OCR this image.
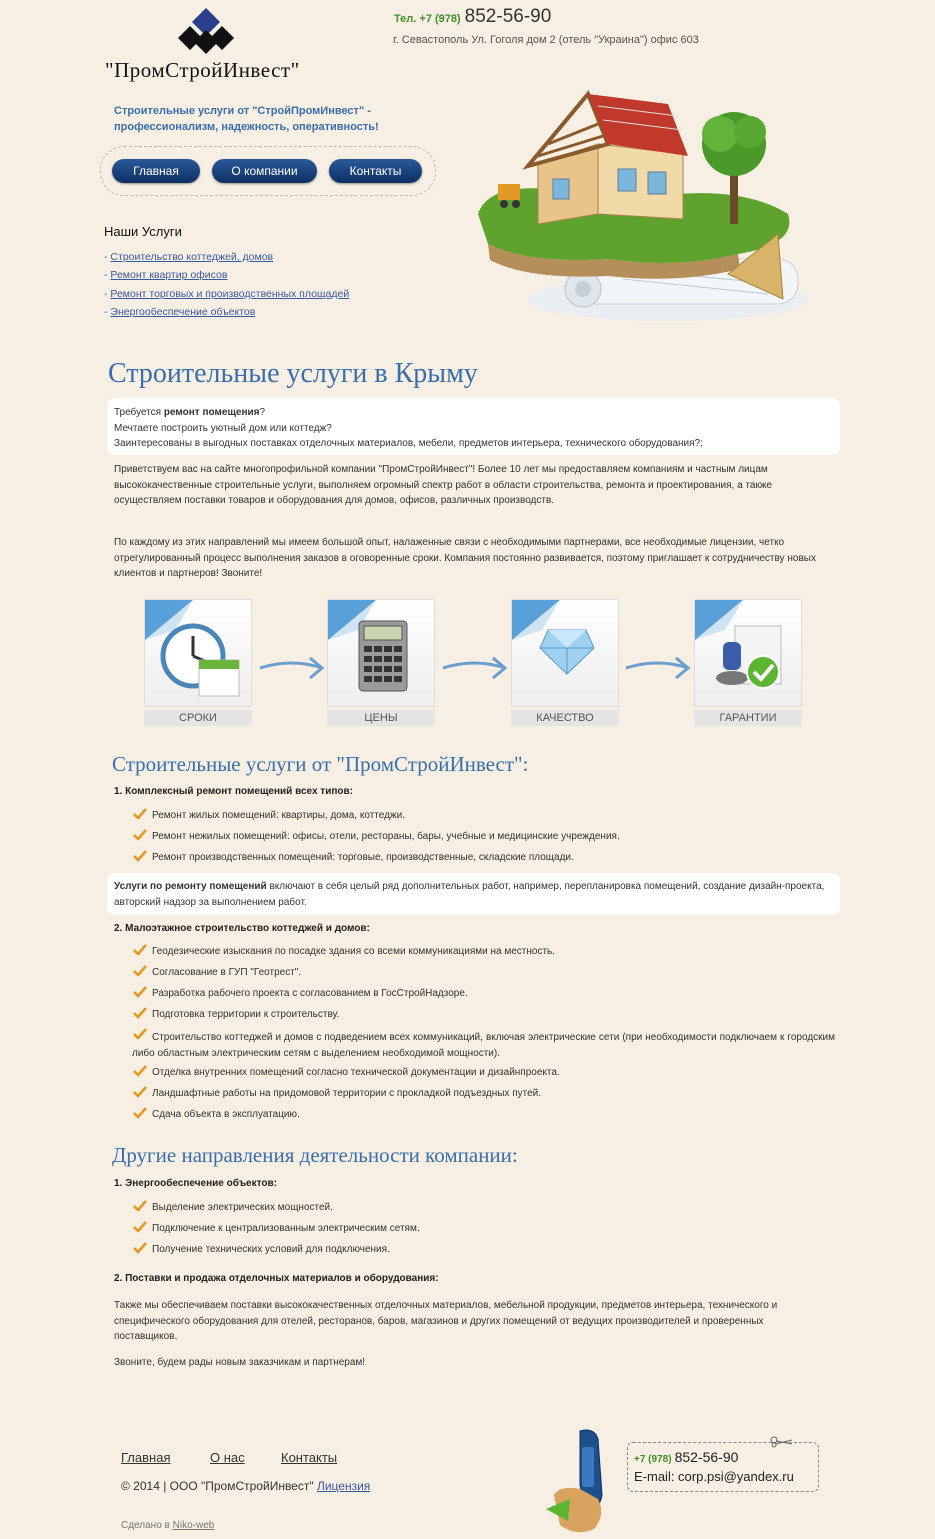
"ПромСтройИнвест"
Тел. +7 (978) 852-56-90
г. Севастополь Ул. Гоголя дом 2 (отель "Украина") офис 603
Строительные услуги от "СтройПромИнвест" - профессионализм, надежность, оперативность!
Главная	О компании	Контакты
Наши Услуги
- Строительство коттеджей, домов
- Ремонт квартир офисов
- Ремонт торговых и производственных площадей
- Энергообеспечение объектов
Строительные услуги в Крыму
Требуется ремонт помещения?
Мечтаете построить уютный дом или коттедж?
Заинтересованы в выгодных поставках отделочных материалов, мебели, предметов интерьера, технического оборудования?;
Приветствуем вас на сайте многопрофильной компании "ПромСтройИнвест"! Более 10 лет мы предоставляем компаниям и частным лицам высококачественные строительные услуги, выполняем огромный спектр работ в области строительства, ремонта и проектирования, а также осуществляем поставки товаров и оборудования для домов, офисов, различных производств.
По каждому из этих направлений мы имеем большой опыт, налаженные связи с необходимыми партнерами, все необходимые лицензии, четко отрегулированный процесс выполнения заказов в оговоренные сроки. Компания постоянно развивается, поэтому приглашает к сотрудничеству новых клиентов и партнеров! Звоните!
СРОКИ	ЦЕНЫ	КАЧЕСТВО	ГАРАНТИИ
Строительные услуги от "ПромСтройИнвест":
1. Комплексный ремонт помещений всех типов:
Ремонт жилых помещений: квартиры, дома, коттеджи.
Ремонт нежилых помещений: офисы, отели, рестораны, бары, учебные и медицинские учреждения.
Ремонт производственных помещений: торговые, производственные, складские площади.
Услуги по ремонту помещений включают в себя целый ряд дополнительных работ, например, перепланировка помещений, создание дизайн-проекта, авторский надзор за выполнением работ.
2. Малоэтажное строительство коттеджей и домов:
Геодезические изыскания по посадке здания со всеми коммуникациями на местность.
Согласование в ГУП "Геотрест".
Разработка рабочего проекта с согласованием в ГосСтройНадзоре.
Подготовка территории к строительству.
Строительство коттеджей и домов с подведением всех коммуникаций, включая электрические сети (при необходимости подключаем к городским либо областным электрическим сетям с выделением необходимой мощности).
Отделка внутренних помещений согласно технической документации и дизайнпроекта.
Ландшафтные работы на придомовой территории с прокладкой подъездных путей.
Сдача объекта в эксплуатацию.
Другие направления деятельности компании:
1. Энергообеспечение объектов:
Выделение электрических мощностей.
Подключение к централизованным электрическим сетям.
Получение технических условий для подключения.
2. Поставки и продажа отделочных материалов и оборудования:
Также мы обеспечиваем поставки высококачественных отделочных материалов, мебельной продукции, предметов интерьера, технического и специфического оборудования для отелей, ресторанов, баров, магазинов и других помещений от ведущих производителей и проверенных поставщиков.
Звоните, будем рады новым заказчикам и партнерам!
Главная	О нас	Контакты
© 2014 | ООО "ПромСтройИнвест" Лицензия
Сделано в Niko-web
+7 (978) 852-56-90
E-mail: corp.psi@yandex.ru
